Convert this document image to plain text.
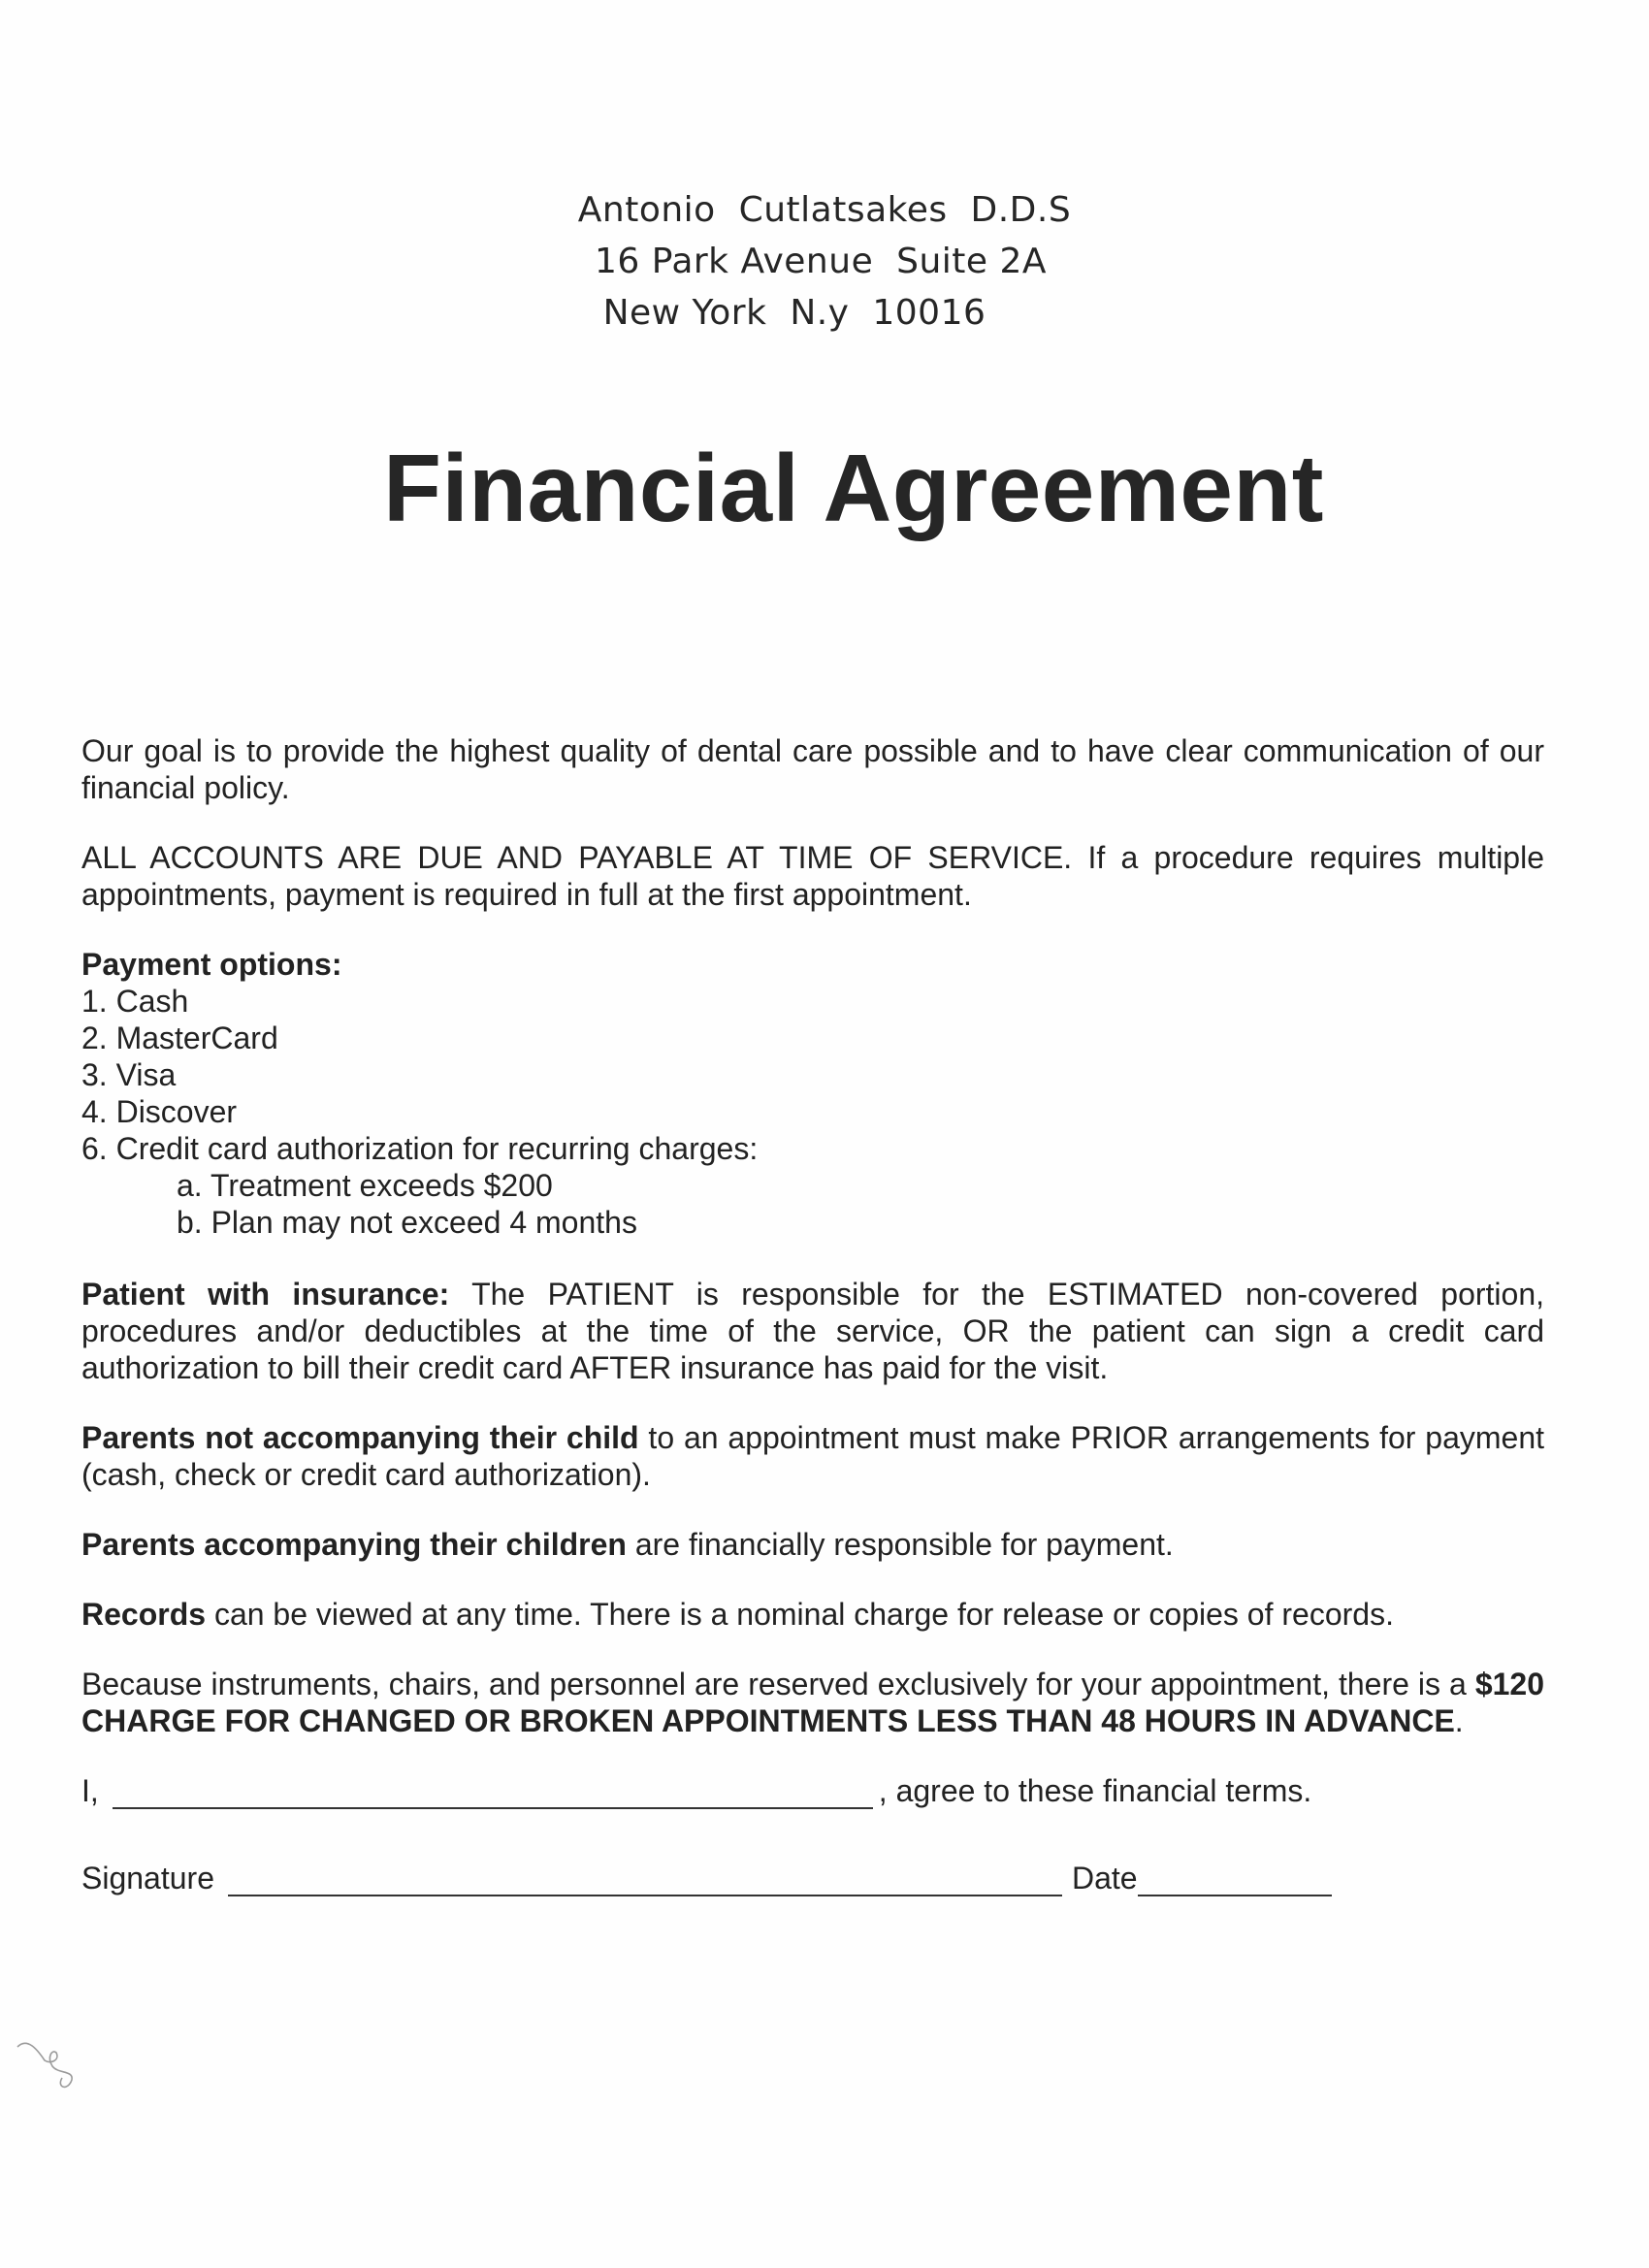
Antonio  Cutlatsakes  D.D.S
16 Park Avenue  Suite 2A
New York  N.y  10016
Financial Agreement

Our goal is to provide the highest quality of dental care possible and to have clear communication of our financial policy.

ALL ACCOUNTS ARE DUE AND PAYABLE AT TIME OF SERVICE. If a procedure requires multiple appointments, payment is required in full at the first appointment.

Payment options:
1. Cash
2. MasterCard
3. Visa
4. Discover
6. Credit card authorization for recurring charges:
a. Treatment exceeds $200
b. Plan may not exceed 4 months

Patient with insurance: The PATIENT is responsible for the ESTIMATED non-covered portion, procedures and/or deductibles at the time of the service, OR the patient can sign a credit card authorization to bill their credit card AFTER insurance has paid for the visit.

Parents not accompanying their child to an appointment must make PRIOR arrangements for payment (cash, check or credit card authorization).

Parents accompanying their children are financially responsible for payment.

Records can be viewed at any time. There is a nominal charge for release or copies of records.

Because instruments, chairs, and personnel are reserved exclusively for your appointment, there is a $120 CHARGE FOR CHANGED OR BROKEN APPOINTMENTS LESS THAN 48 HOURS IN ADVANCE.

I,	, agree to these financial terms.
Signature	Date
